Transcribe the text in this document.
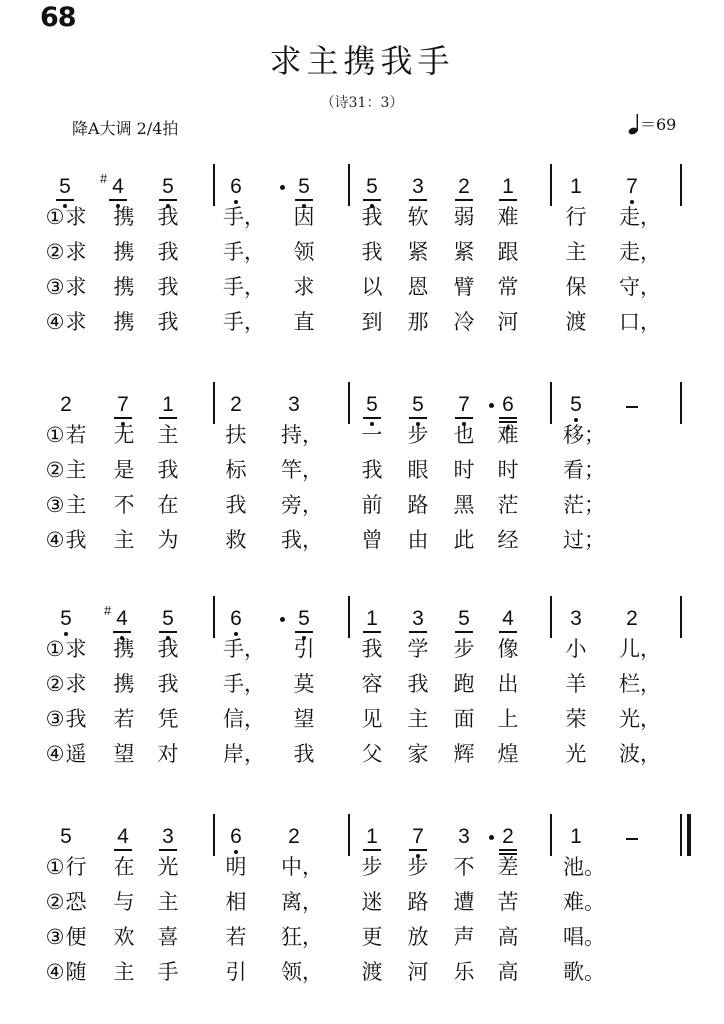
68
求主携我手
（诗31：3）
降A大调 2/4拍	＝69
5 4
#	5	6	5	5 3 2 1	1 7
① 求 携 我 手， 因 我 软 弱 难 行 走，
② 求 携 我 手， 领 我 紧 紧 跟 主 走，
③ 求 携 我 手， 求 以 恩 臂 常 保 守，
④ 求 携 我 手， 直 到 那 冷 河 渡 口，
2 7 1	2 3	5 5 7 6	5
① 若 无 主 扶 持， 一 步 也 难 移；
② 主 是 我 标 竿， 我 眼 时 时 看；
③ 主 不 在 我 旁， 前 路 黑 茫 茫；
④ 我 主 为 救 我， 曾 由 此 经 过；
5 4
# 5	6	5	1 3 5 4	3 2
① 求 携 我 手， 引 我 学 步 像 小 儿，
② 求 携 我 手， 莫 容 我 跑 出 羊 栏，
③ 我 若 凭 信， 望 见 主 面 上 荣 光，
④ 遥 望 对 岸， 我 父 家 辉 煌 光 波，
5 4 3	6 2	1 7 3 2	1
① 行 在 光 明 中， 步 步 不 差 池。
② 恐 与 主 相 离， 迷 路 遭 苦 难。
③ 便 欢 喜 若 狂， 更 放 声 高 唱。
④ 随 主 手 引 领， 渡 河 乐 高 歌。
